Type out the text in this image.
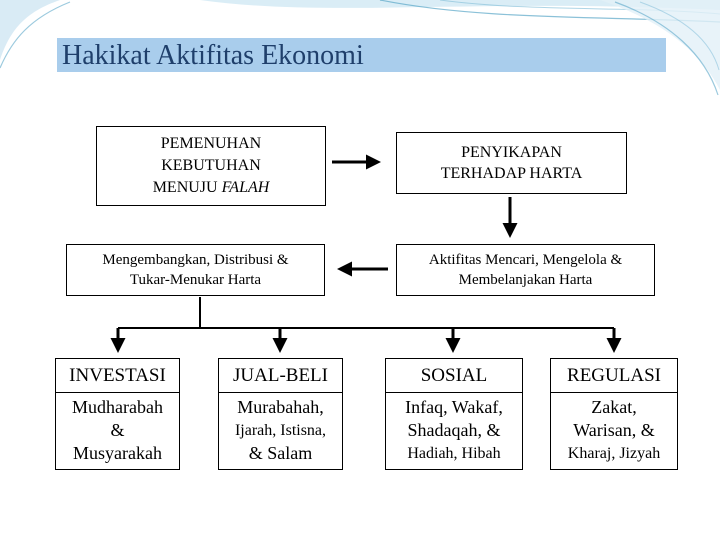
Hakikat Aktifitas Ekonomi
PEMENUHAN
KEBUTUHAN
MENUJU FALAH
PENYIKAPAN
TERHADAP HARTA
Mengembangkan, Distribusi &
Tukar-Menukar Harta
Aktifitas Mencari, Mengelola &
Membelanjakan Harta
INVESTASI
Mudharabah
&
Musyarakah
JUAL-BELI
Murabahah,
Ijarah, Istisna,
& Salam
SOSIAL
Infaq, Wakaf,
Shadaqah, &
Hadiah, Hibah
REGULASI
Zakat,
Warisan, &
Kharaj, Jizyah
